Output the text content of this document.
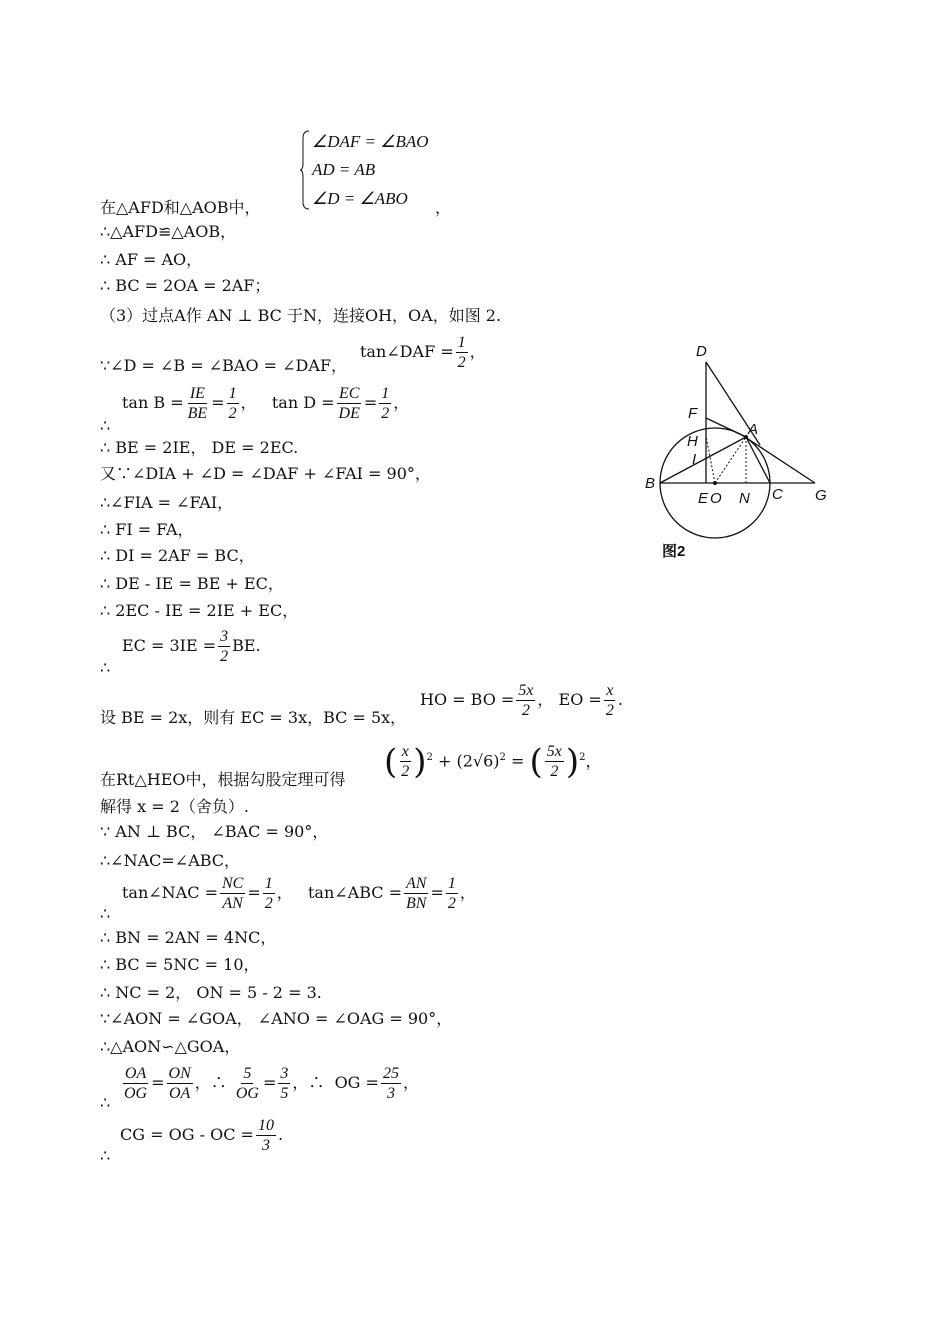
∠DAF = ∠BAO
AD = AB
∠D = ∠ABO
在△AFD和△AOB中，	，
∴△AFD≌△AOB，
∴ AF = AO，
∴ BC = 2OA = 2AF；
（3）过点A作 AN ⊥ BC 于N，连接OH，OA，如图 2.
∵∠D = ∠B = ∠BAO = ∠DAF，
tan∠DAF = $\frac{1}{2}$ ，
∴
$\tan B = \frac{IE}{BE} = \frac{1}{2}$ ， $\tan D = \frac{EC}{DE} = \frac{1}{2}$ ，
∴ BE = 2IE， DE = 2EC.
又∵∠DIA + ∠D = ∠DAF + ∠FAI = 90°，
∴∠FIA = ∠FAI，
∴ FI = FA，
∴ DI = 2AF = BC，
∴ DE - IE = BE + EC，
∴ 2EC - IE = 2IE + EC，
∴
EC = $3IE = \frac{3}{2}$ BE.
设 BE = 2x，则有 EC = 3x，BC = 5x，
HO = BO = $\frac{5x}{2}$ ， EO = $\frac{x}{2}$ .
在Rt△HEO中，根据勾股定理可得 ( $\frac{x}{2} )^2 + (2√6)^2$ = ( $\frac{5x}{2} )^2$，
解得 x = 2（舍负）.
∵ AN ⊥ BC， ∠BAC = 90°，
∴∠NAC=∠ABC，
∴
tan∠NAC = $\frac{NC}{AN} = \frac{1}{2}$ ， tan∠ABC = $\frac{AN}{BN} = \frac{1}{2}$ ，
∴ BN = 2AN = 4NC，
∴ BC = 5NC = 10，
∴ NC = 2， ON = 5 - 2 = 3.
∵∠AON = ∠GOA， ∠ANO = ∠OAG = 90°，
∴△AON∽△GOA，
∴ $\frac{OA}{OG} = \frac{ON}{OA}$ ，∴ $\frac{5}{OG} = \frac{3}{5}$ ，∴ OG = $\frac{25}{3}$ ，
∴
CG = OG - OC = $\frac{10}{3}$ .
D
F
H
I
A
B
E O N C G
图2
